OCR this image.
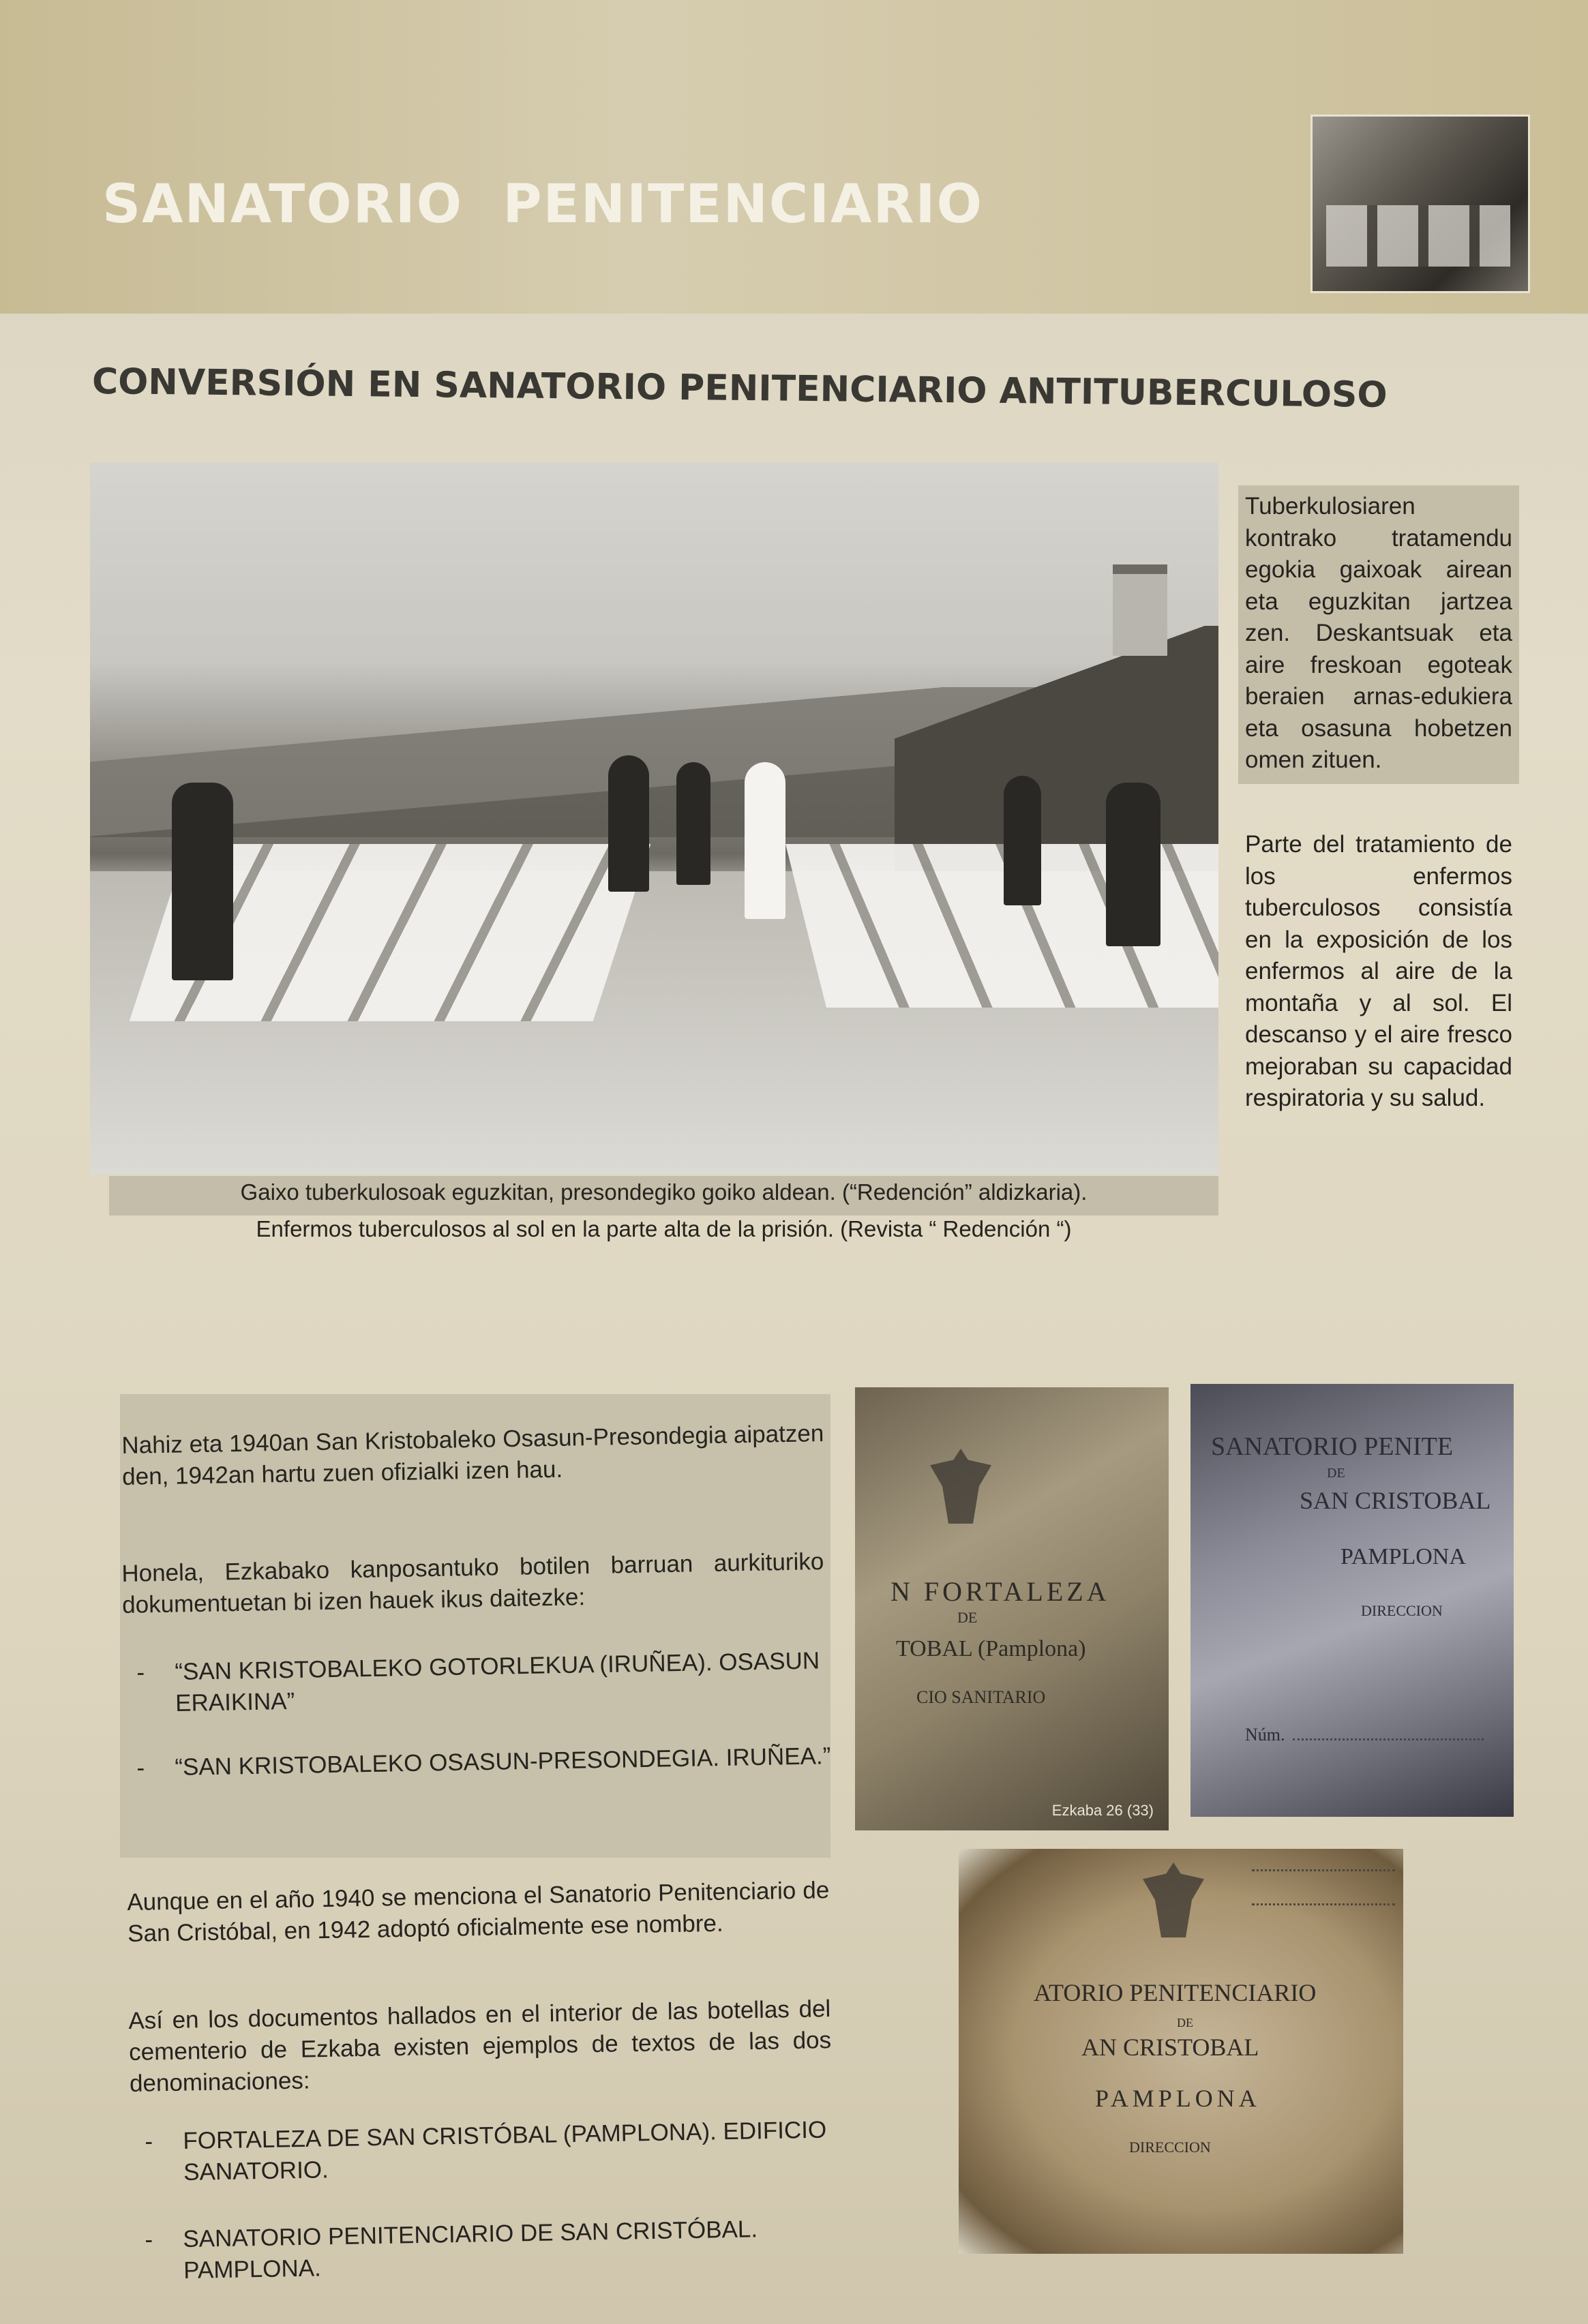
SANATORIO  PENITENCIARIO
CONVERSIÓN EN SANATORIO PENITENCIARIO ANTITUBERCULOSO
Gaixo tuberkulosoak eguzkitan, presondegiko goiko aldean. (“Redención” aldizkaria).
Enfermos tuberculosos al sol en la parte alta de la prisión. (Revista “ Redención “)
Tuberkulosiaren kontrako tratamendu egokia gaixoak airean eta eguzkitan jartzea zen. Deskantsuak eta aire freskoan egoteak beraien arnas-edukiera eta osasuna hobetzen omen zituen.
Parte del tratamiento de los enfermos tuberculosos consistía en la exposición de los enfermos al aire de la montaña y al sol. El descanso y el aire fresco mejoraban su capacidad respiratoria y su salud.
Nahiz eta 1940an San Kristobaleko Osasun-Presondegia aipatzen den, 1942an hartu zuen ofizialki izen hau.
Honela, Ezkabako kanposantuko botilen barruan aurkituriko dokumentuetan bi izen hauek ikus daitezke:
- “SAN KRISTOBALEKO GOTORLEKUA (IRUÑEA). OSASUN ERAIKINA”
- “SAN KRISTOBALEKO OSASUN-PRESONDEGIA. IRUÑEA.”
Aunque en el año 1940 se menciona el Sanatorio Penitenciario de San Cristóbal, en 1942 adoptó oficialmente ese nombre.
Así en los documentos hallados en el interior de las botellas del cementerio de Ezkaba existen ejemplos de textos de las dos denominaciones:
- FORTALEZA DE SAN CRISTÓBAL (PAMPLONA). EDIFICIO SANATORIO.
- SANATORIO PENITENCIARIO DE SAN CRISTÓBAL. PAMPLONA.
N FORTALEZA
DE
TOBAL (Pamplona)
CIO SANITARIO
Ezkaba 26 (33)
SANATORIO PENITE
DE
SAN CRISTOBAL
PAMPLONA
DIRECCION
Núm.
ATORIO PENITENCIARIO
DE
AN CRISTOBAL
PAMPLONA
DIRECCION
